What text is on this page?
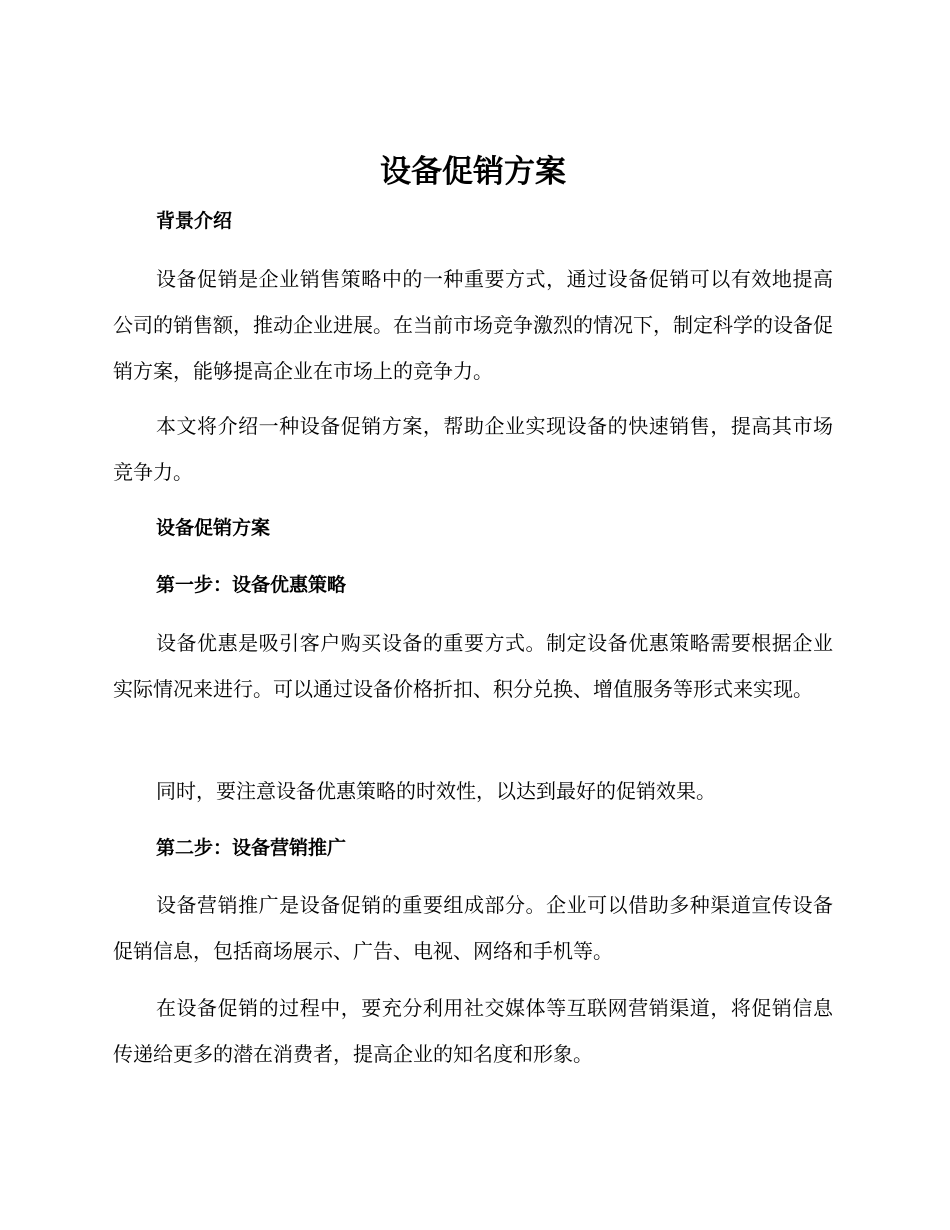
设备促销方案
背景介绍

设备促销是企业销售策略中的一种重要方式，通过设备促销可以有效地提高公司的销售额，推动企业进展。在当前市场竞争激烈的情况下，制定科学的设备促销方案，能够提高企业在市场上的竞争力。

本文将介绍一种设备促销方案，帮助企业实现设备的快速销售，提高其市场竞争力。

设备促销方案
第一步：设备优惠策略

设备优惠是吸引客户购买设备的重要方式。制定设备优惠策略需要根据企业实际情况来进行。可以通过设备价格折扣、积分兑换、增值服务等形式来实现。

同时，要注意设备优惠策略的时效性，以达到最好的促销效果。

第二步：设备营销推广

设备营销推广是设备促销的重要组成部分。企业可以借助多种渠道宣传设备促销信息，包括商场展示、广告、电视、网络和手机等。

在设备促销的过程中，要充分利用社交媒体等互联网营销渠道，将促销信息传递给更多的潜在消费者，提高企业的知名度和形象。
